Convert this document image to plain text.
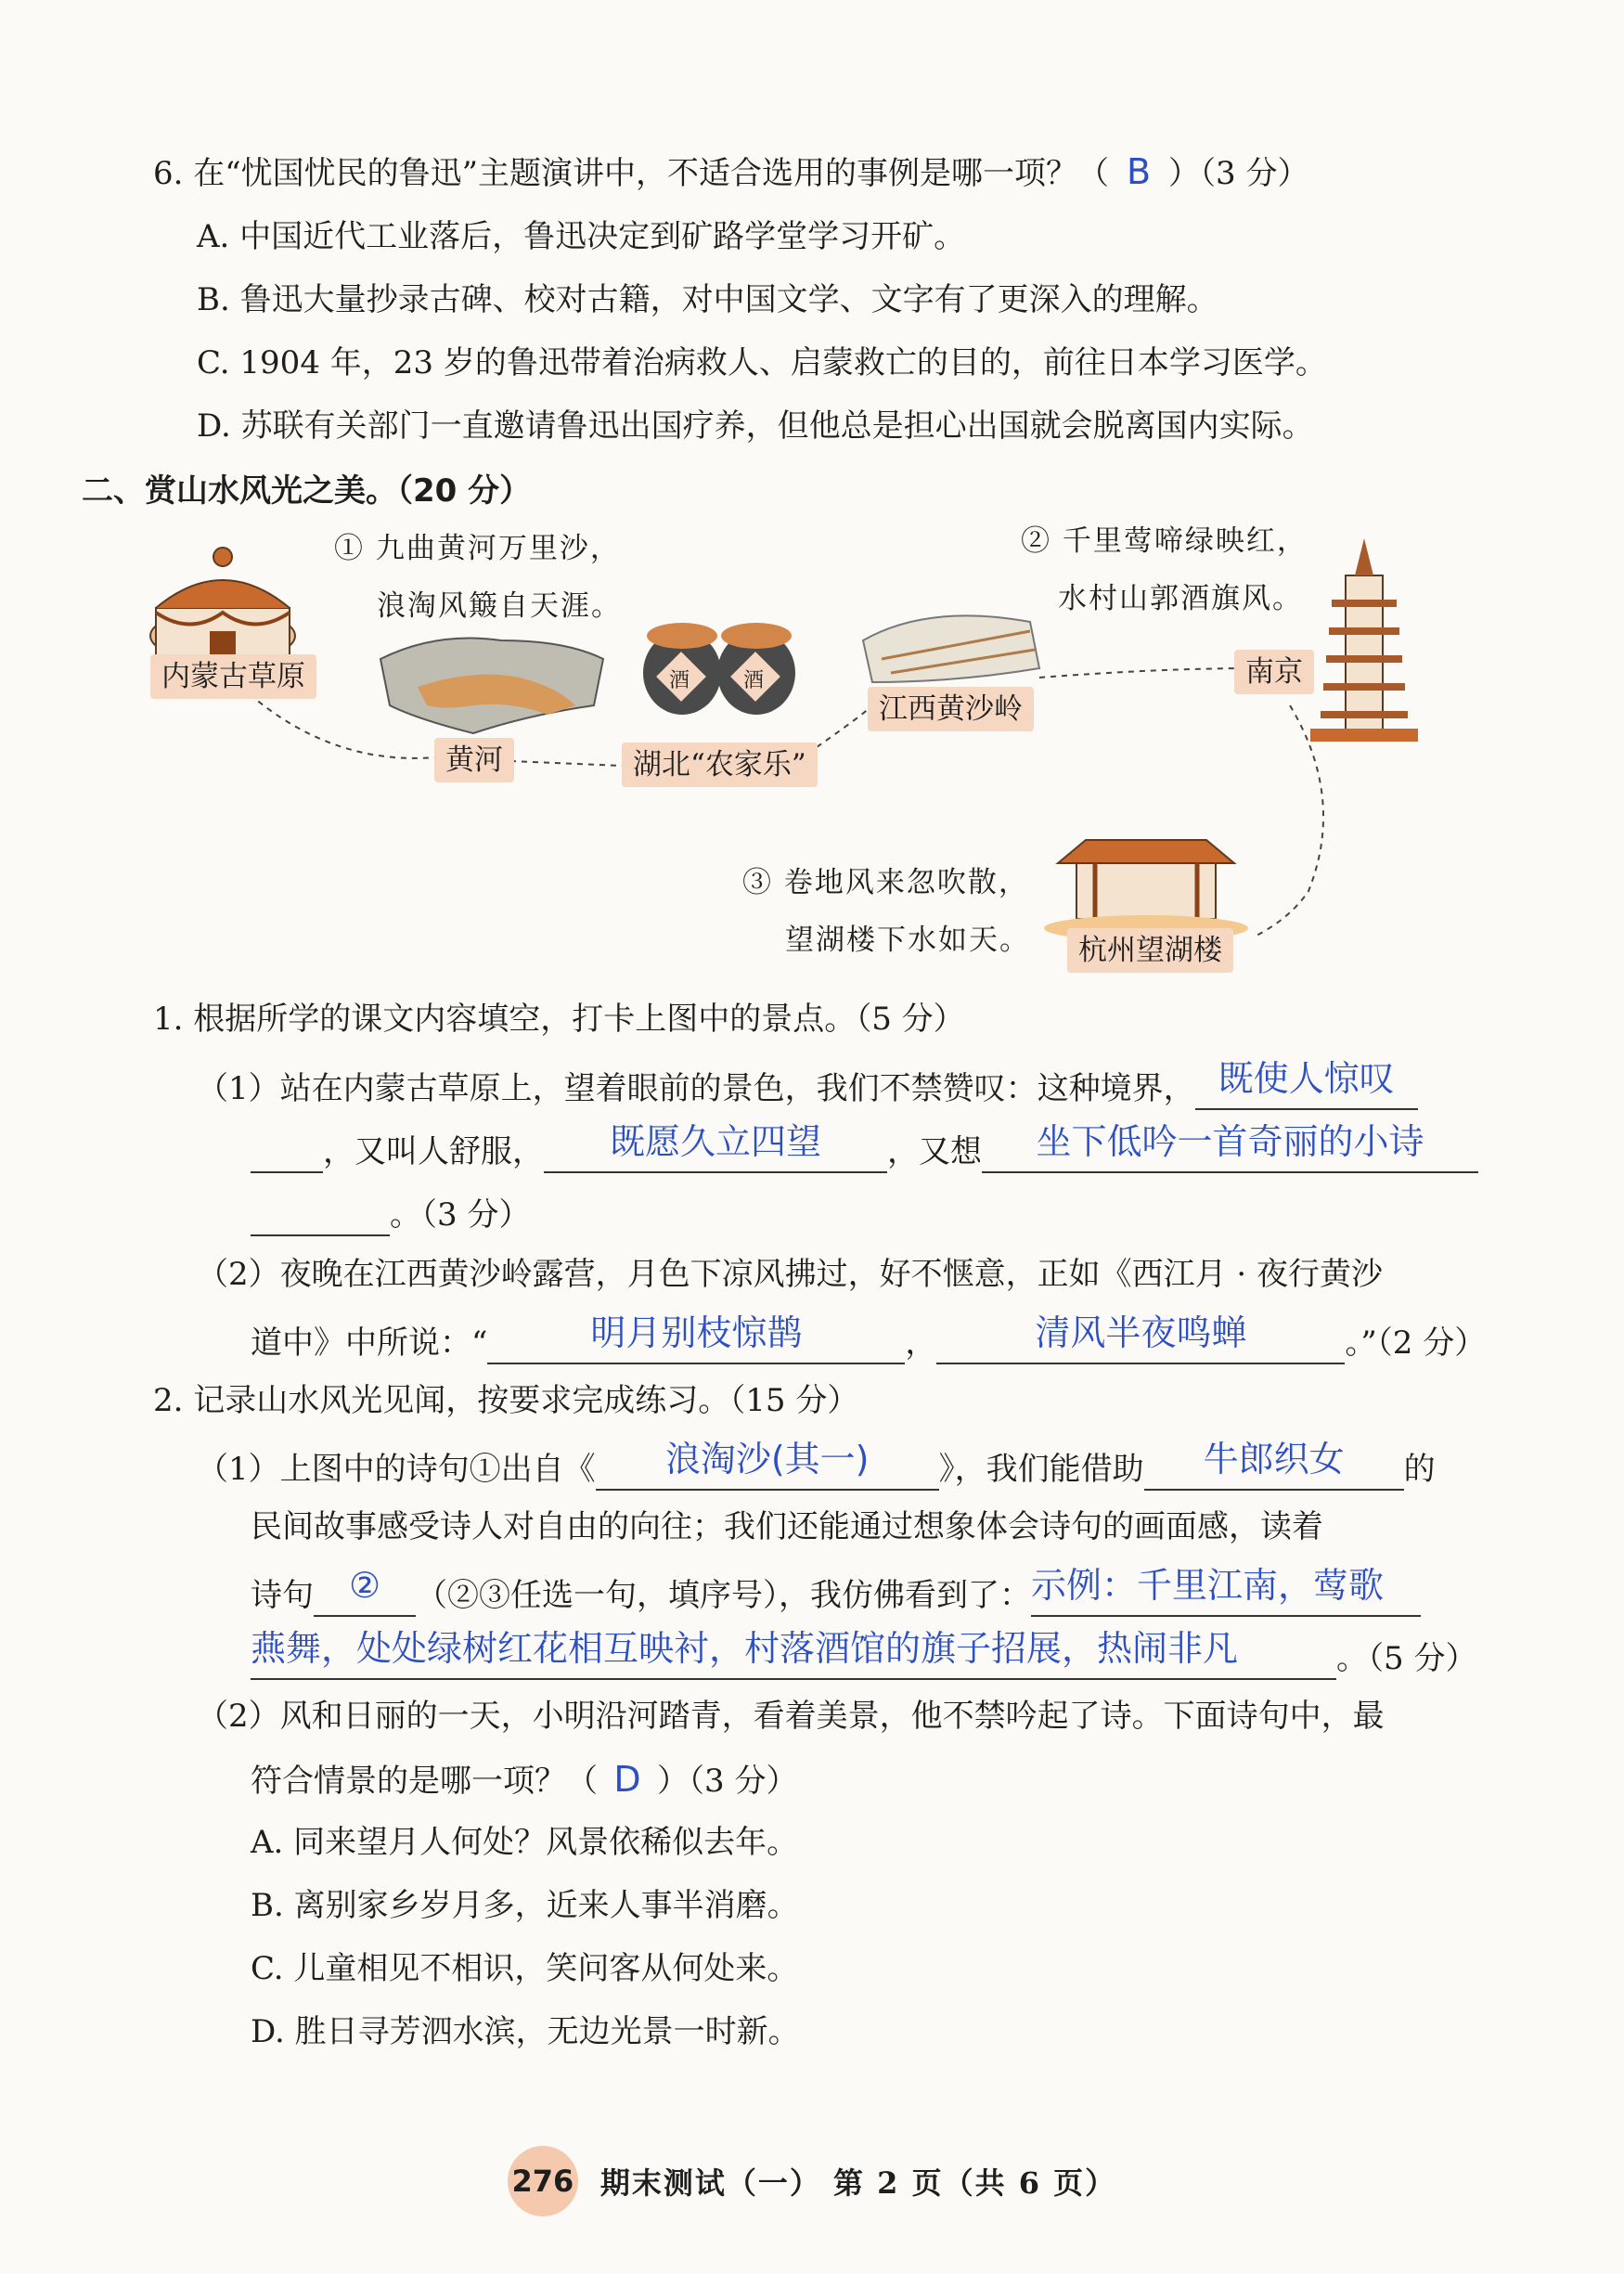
6. 在“忧国忧民的鲁迅”主题演讲中，不适合选用的事例是哪一项？（ B ）（3 分）
A. 中国近代工业落后，鲁迅决定到矿路学堂学习开矿。
B. 鲁迅大量抄录古碑、校对古籍，对中国文学、文字有了更深入的理解。
C. 1904 年，23 岁的鲁迅带着治病救人、启蒙救亡的目的，前往日本学习医学。
D. 苏联有关部门一直邀请鲁迅出国疗养，但他总是担心出国就会脱离国内实际。
二、赏山水风光之美。（20 分）
内蒙古草原
黄河	湖北“农家乐”
江西黄沙岭
南京
杭州望湖楼
① 九曲黄河万里沙，
浪淘风簸自天涯。
② 千里莺啼绿映红，
水村山郭酒旗风。
③ 卷地风来忽吹散，
望湖楼下水如天。
酒	酒
1. 根据所学的课文内容填空，打卡上图中的景点。（5 分）
（1）站在内蒙古草原上，望着眼前的景色，我们不禁赞叹：这种境界， 既使人惊叹
，又叫人舒服， 既愿久立四望 ，又想 坐下低吟一首奇丽的小诗
。（3 分）
（2）夜晚在江西黄沙岭露营，月色下凉风拂过，好不惬意，正如《西江月 · 夜行黄沙
道中》中所说：“	明月别枝惊鹊	，	清风半夜鸣蝉	。”（2 分）
2. 记录山水风光见闻，按要求完成练习。（15 分）
（1）上图中的诗句①出自《 浪淘沙(其一) 》，我们能借助 牛郎织女 的
民间故事感受诗人对自由的向往；我们还能通过想象体会诗句的画面感，读着
诗句 ② （②③任选一句，填序号），我仿佛看到了：示例：千里江南，莺歌
燕舞，处处绿树红花相互映衬，村落酒馆的旗子招展，热闹非凡	。（5 分）
（2）风和日丽的一天，小明沿河踏青，看着美景，他不禁吟起了诗。下面诗句中，最
符合情景的是哪一项？（ D ）（3 分）
A. 同来望月人何处？风景依稀似去年。
B. 离别家乡岁月多，近来人事半消磨。
C. 儿童相见不相识，笑问客从何处来。
D. 胜日寻芳泗水滨，无边光景一时新。
276 期末测试（一） 第 2 页（共 6 页）
